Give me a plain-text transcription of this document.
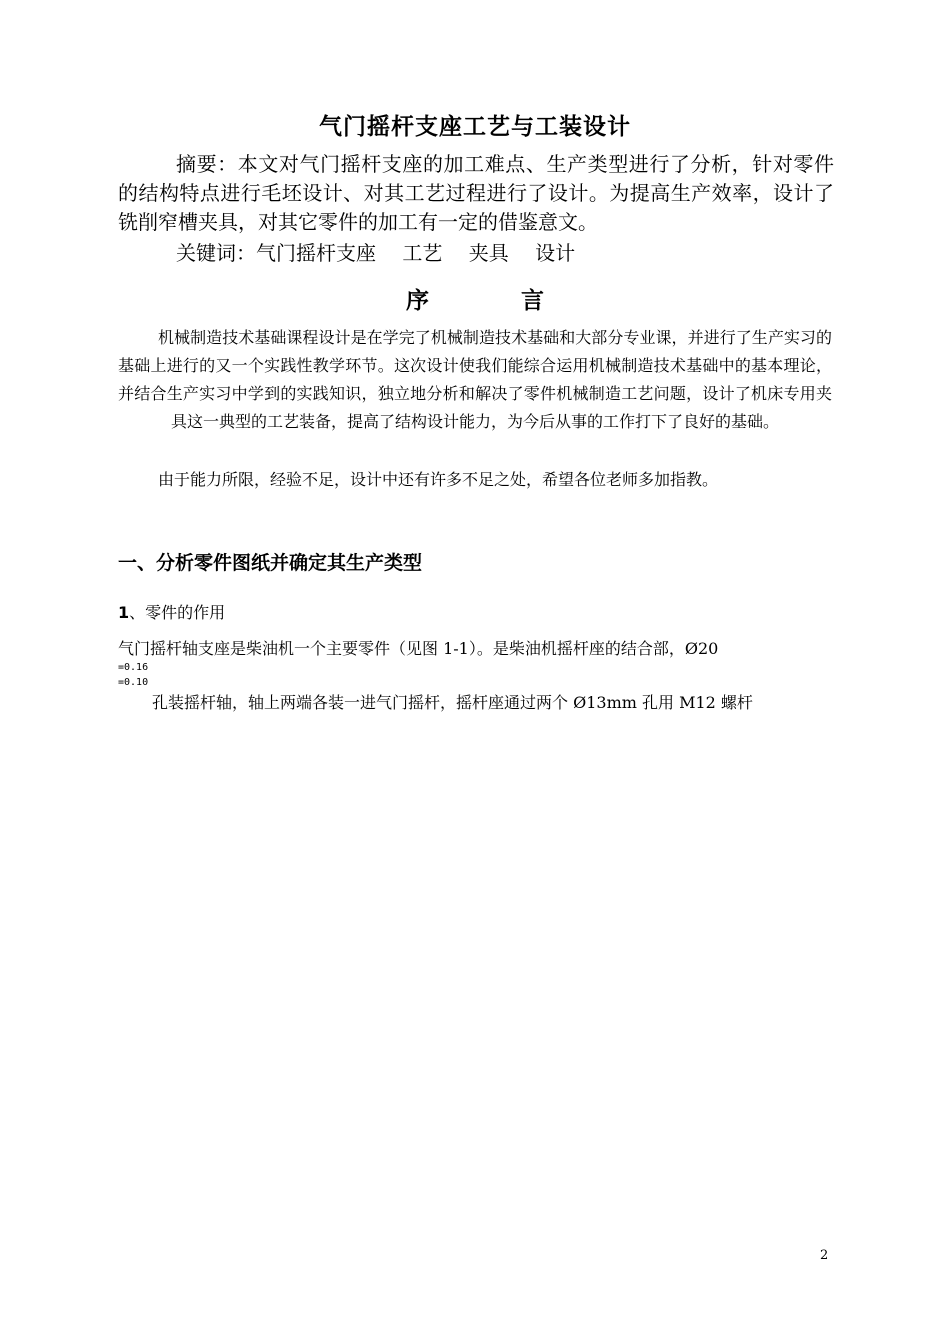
气门摇杆支座工艺与工装设计

摘要：本文对气门摇杆支座的加工难点、生产类型进行了分析，针对零件的结构特点进行毛坯设计、对其工艺过程进行了设计。为提高生产效率，设计了铣削窄槽夹具，对其它零件的加工有一定的借鉴意文。

关键词：气门摇杆支座　 工艺　 夹具　 设计

序　　　　言

机械制造技术基础课程设计是在学完了机械制造技术基础和大部分专业课，并进行了生产实习的基础上进行的又一个实践性教学环节。这次设计使我们能综合运用机械制造技术基础中的基本理论，并结合生产实习中学到的实践知识，独立地分析和解决了零件机械制造工艺问题，设计了机床专用夹具这一典型的工艺装备，提高了结构设计能力，为今后从事的工作打下了良好的基础。

由于能力所限，经验不足，设计中还有许多不足之处，希望各位老师多加指教。

一、分析零件图纸并确定其生产类型

1、零件的作用

气门摇杆轴支座是柴油机一个主要零件（见图 1-1）。是柴油机摇杆座的结合部，Ø20

=0.16

=0.10

孔装摇杆轴，轴上两端各装一进气门摇杆，摇杆座通过两个 Ø13mm 孔用 M12 螺杆

2
